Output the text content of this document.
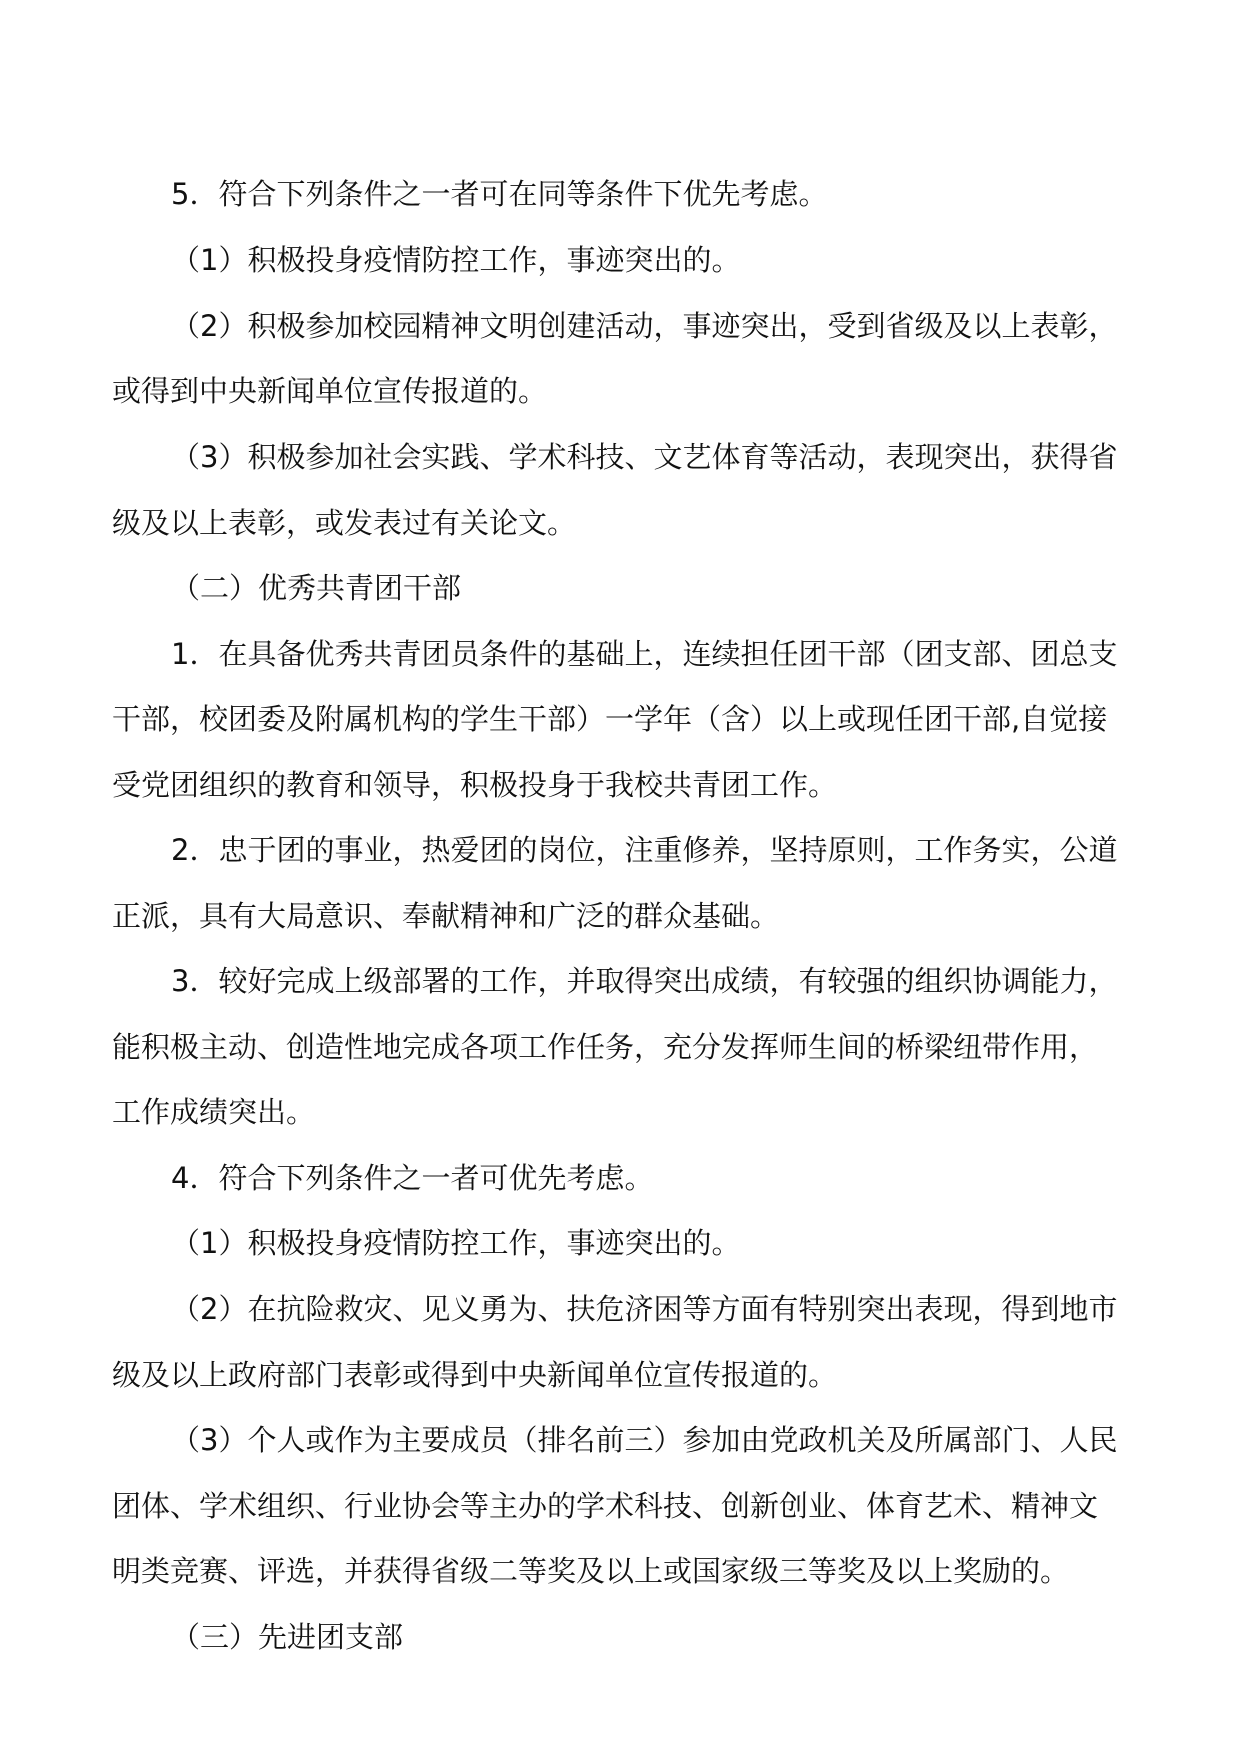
5．符合下列条件之一者可在同等条件下优先考虑。
（1）积极投身疫情防控工作，事迹突出的。
（2）积极参加校园精神文明创建活动，事迹突出，受到省级及以上表彰，
或得到中央新闻单位宣传报道的。
（3）积极参加社会实践、学术科技、文艺体育等活动，表现突出，获得省
级及以上表彰，或发表过有关论文。
（二）优秀共青团干部
1．在具备优秀共青团员条件的基础上，连续担任团干部（团支部、团总支
干部，校团委及附属机构的学生干部）一学年（含）以上或现任团干部,自觉接
受党团组织的教育和领导，积极投身于我校共青团工作。
2．忠于团的事业，热爱团的岗位，注重修养，坚持原则，工作务实，公道
正派，具有大局意识、奉献精神和广泛的群众基础。
3．较好完成上级部署的工作，并取得突出成绩，有较强的组织协调能力，
能积极主动、创造性地完成各项工作任务，充分发挥师生间的桥梁纽带作用，
工作成绩突出。
4．符合下列条件之一者可优先考虑。
（1）积极投身疫情防控工作，事迹突出的。
（2）在抗险救灾、见义勇为、扶危济困等方面有特别突出表现，得到地市
级及以上政府部门表彰或得到中央新闻单位宣传报道的。
（3）个人或作为主要成员（排名前三）参加由党政机关及所属部门、人民
团体、学术组织、行业协会等主办的学术科技、创新创业、体育艺术、精神文
明类竞赛、评选，并获得省级二等奖及以上或国家级三等奖及以上奖励的。
（三）先进团支部
